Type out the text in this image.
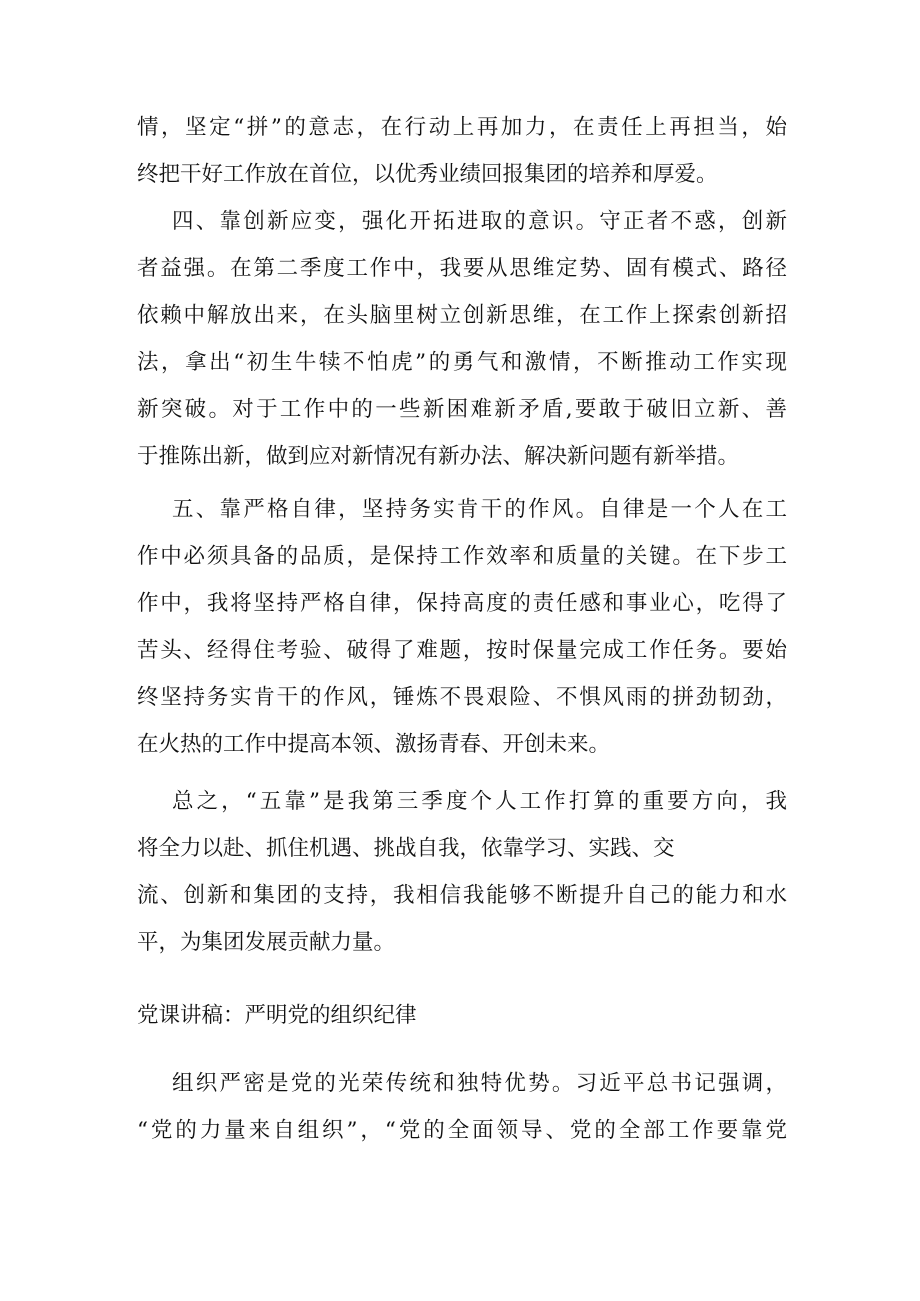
情，坚定“拼”的意志，在行动上再加力，在责任上再担当，始
终把干好工作放在首位，以优秀业绩回报集团的培养和厚爱。
四、靠创新应变，强化开拓进取的意识。守正者不惑，创新
者益强。在第二季度工作中，我要从思维定势、固有模式、路径
依赖中解放出来，在头脑里树立创新思维，在工作上探索创新招
法，拿出“初生牛犊不怕虎”的勇气和激情，不断推动工作实现
新突破。对于工作中的一些新困难新矛盾,要敢于破旧立新、善
于推陈出新，做到应对新情况有新办法、解决新问题有新举措。
五、靠严格自律，坚持务实肯干的作风。自律是一个人在工
作中必须具备的品质，是保持工作效率和质量的关键。在下步工
作中，我将坚持严格自律，保持高度的责任感和事业心，吃得了
苦头、经得住考验、破得了难题，按时保量完成工作任务。要始
终坚持务实肯干的作风，锤炼不畏艰险、不惧风雨的拼劲韧劲，
在火热的工作中提高本领、激扬青春、开创未来。
总之，“五靠”是我第三季度个人工作打算的重要方向，我
将全力以赴、抓住机遇、挑战自我，依靠学习、实践、交
流、创新和集团的支持，我相信我能够不断提升自己的能力和水
平，为集团发展贡献力量。
党课讲稿：严明党的组织纪律
组织严密是党的光荣传统和独特优势。习近平总书记强调，
“党的力量来自组织”，“党的全面领导、党的全部工作要靠党
